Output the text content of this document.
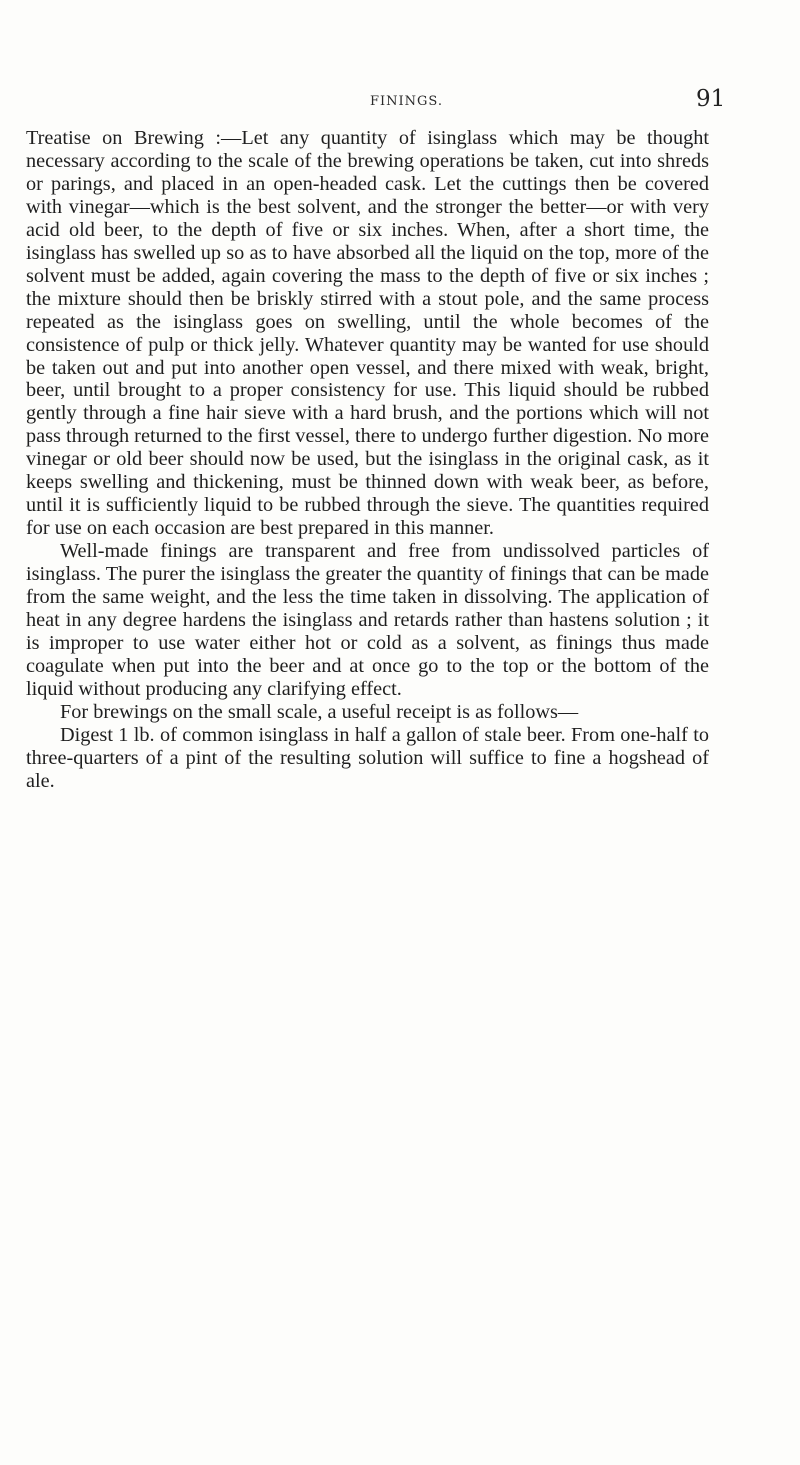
FININGS.	91

Treatise on Brewing :—Let any quantity of isinglass which may be thought necessary according to the scale of the brewing operations be taken, cut into shreds or parings, and placed in an open-headed cask. Let the cuttings then be covered with vinegar—which is the best solvent, and the stronger the better—or with very acid old beer, to the depth of five or six inches. When, after a short time, the isinglass has swelled up so as to have absorbed all the liquid on the top, more of the solvent must be added, again covering the mass to the depth of five or six inches ; the mixture should then be briskly stirred with a stout pole, and the same process repeated as the isinglass goes on swelling, until the whole becomes of the consistence of pulp or thick jelly. Whatever quantity may be wanted for use should be taken out and put into another open vessel, and there mixed with weak, bright, beer, until brought to a proper consistency for use. This liquid should be rubbed gently through a fine hair sieve with a hard brush, and the portions which will not pass through returned to the first vessel, there to undergo further digestion. No more vinegar or old beer should now be used, but the isinglass in the original cask, as it keeps swelling and thickening, must be thinned down with weak beer, as before, until it is sufficiently liquid to be rubbed through the sieve. The quantities required for use on each occasion are best prepared in this manner.

Well-made finings are transparent and free from undissolved particles of isinglass. The purer the isinglass the greater the quantity of finings that can be made from the same weight, and the less the time taken in dissolving. The application of heat in any degree hardens the isinglass and retards rather than hastens solution ; it is improper to use water either hot or cold as a solvent, as finings thus made coagulate when put into the beer and at once go to the top or the bottom of the liquid without producing any clarifying effect.

For brewings on the small scale, a useful receipt is as follows—

Digest 1 lb. of common isinglass in half a gallon of stale beer. From one-half to three-quarters of a pint of the resulting solution will suffice to fine a hogshead of ale.
